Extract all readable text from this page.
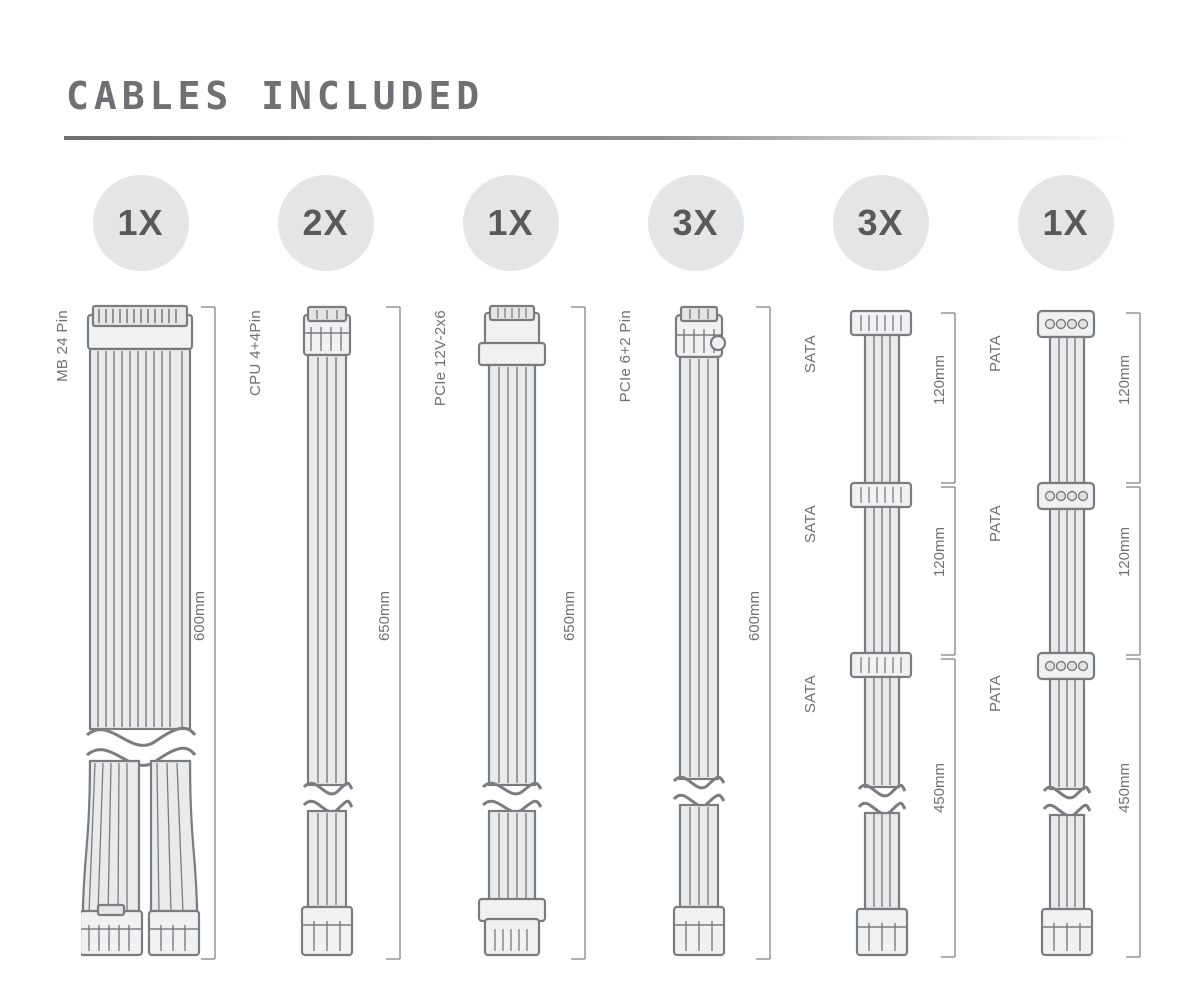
CABLES INCLUDED
1X
MB 24 Pin
600mm
2X
CPU 4+4Pin
650mm
1X
PCIe 12V-2x6
650mm
3X
PCIe 6+2 Pin
600mm
3X
SATA
SATA
SATA
120mm
120mm
450mm
1X
PATA
PATA
PATA
120mm
120mm
450mm
